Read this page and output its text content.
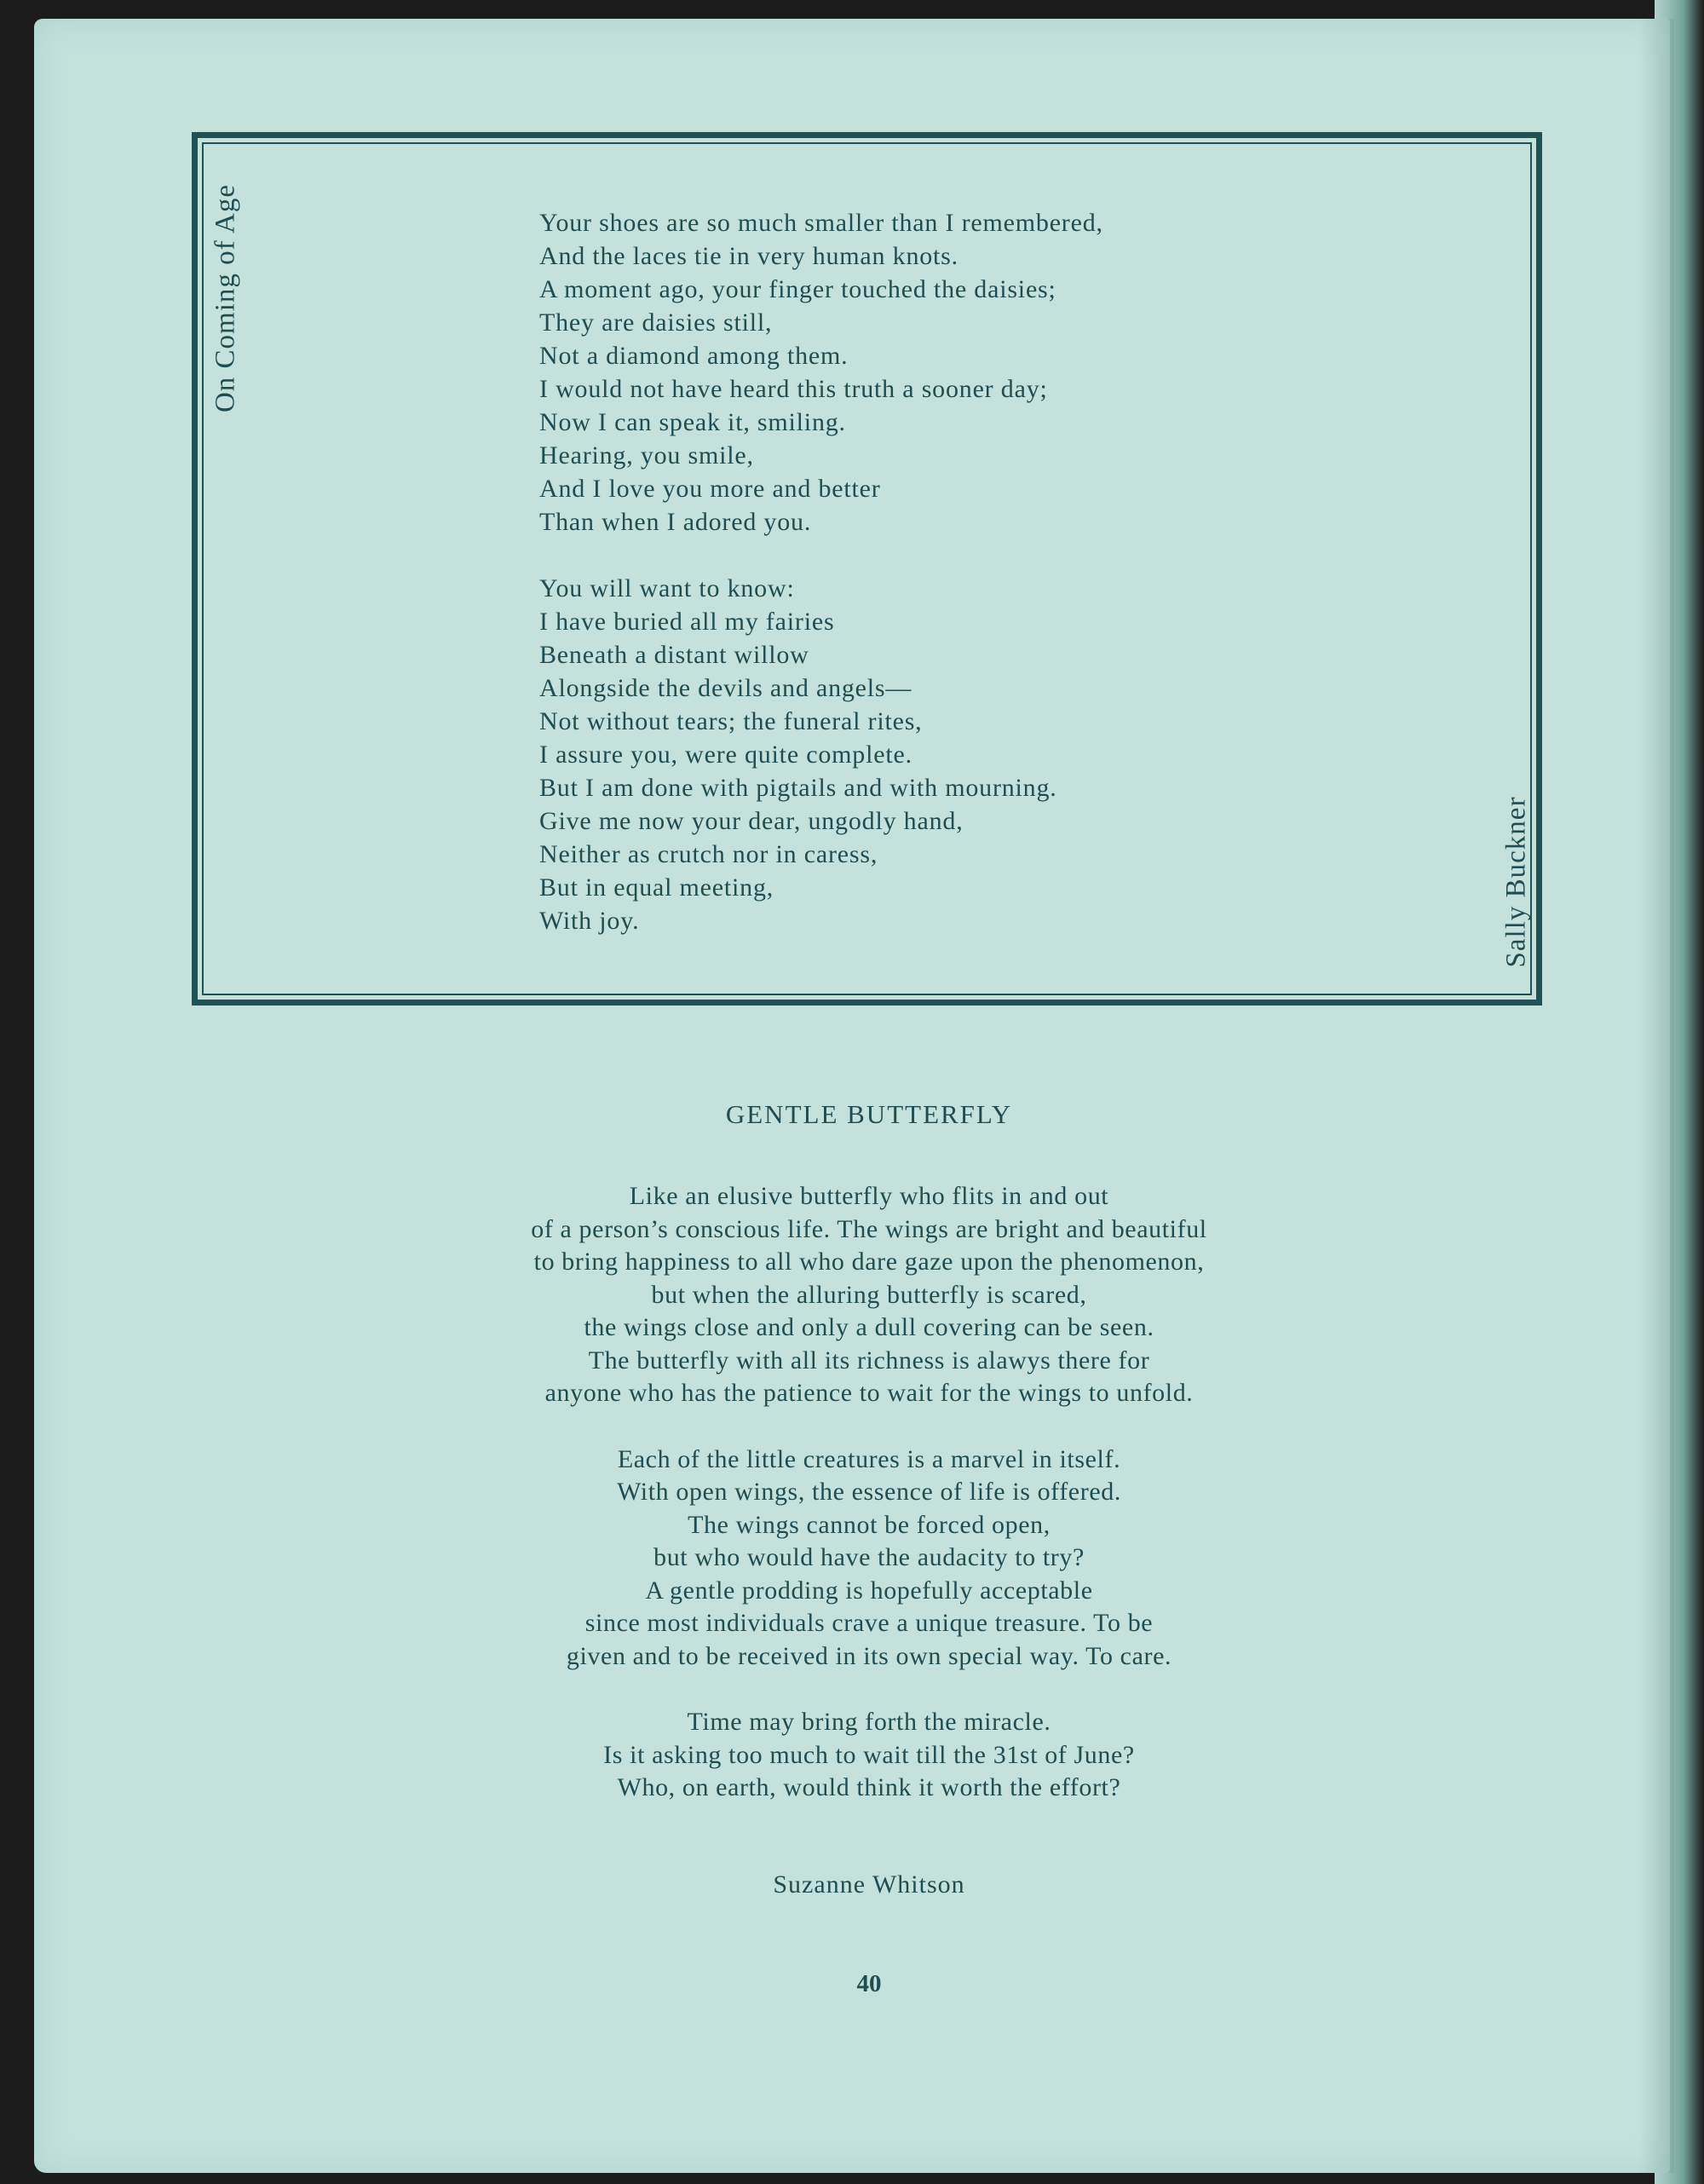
On Coming of Age
Sally Buckner
Your shoes are so much smaller than I remembered,
And the laces tie in very human knots.
A moment ago, your finger touched the daisies;
They are daisies still,
Not a diamond among them.
I would not have heard this truth a sooner day;
Now I can speak it, smiling.
Hearing, you smile,
And I love you more and better
Than when I adored you.
You will want to know:
I have buried all my fairies
Beneath a distant willow
Alongside the devils and angels—
Not without tears; the funeral rites,
I assure you, were quite complete.
But I am done with pigtails and with mourning.
Give me now your dear, ungodly hand,
Neither as crutch nor in caress,
But in equal meeting,
With joy.
GENTLE BUTTERFLY
Like an elusive butterfly who flits in and out
of a person’s conscious life. The wings are bright and beautiful
to bring happiness to all who dare gaze upon the phenomenon,
but when the alluring butterfly is scared,
the wings close and only a dull covering can be seen.
The butterfly with all its richness is alawys there for
anyone who has the patience to wait for the wings to unfold.
Each of the little creatures is a marvel in itself.
With open wings, the essence of life is offered.
The wings cannot be forced open,
but who would have the audacity to try?
A gentle prodding is hopefully acceptable
since most individuals crave a unique treasure. To be
given and to be received in its own special way. To care.
Time may bring forth the miracle.
Is it asking too much to wait till the 31st of June?
Who, on earth, would think it worth the effort?
Suzanne Whitson
40
